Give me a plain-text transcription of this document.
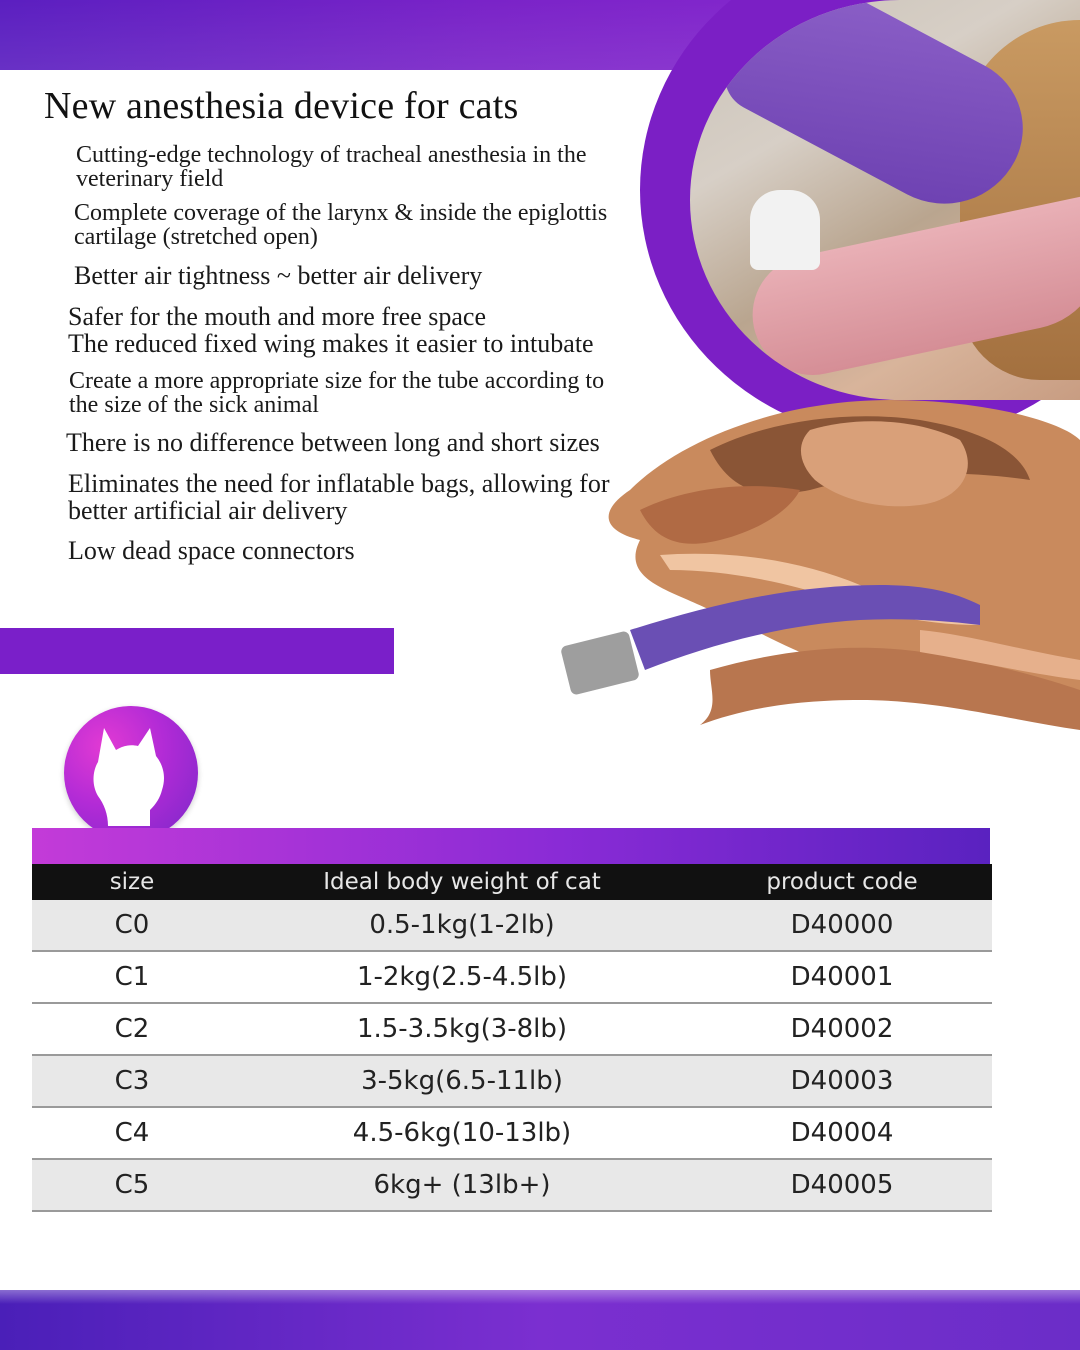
New anesthesia device for cats
Cutting-edge technology of tracheal anesthesia in the
veterinary field
Complete coverage of the larynx & inside the epiglottis
cartilage (stretched open)
Better air tightness ~ better air delivery
Safer for the mouth and more free space
The reduced fixed wing makes it easier to intubate
Create a more appropriate size for the tube according to
the size of the sick animal
There is no difference between long and short sizes
Eliminates the need for inflatable bags, allowing for
better artificial air delivery
Low dead space connectors
size	Ideal body weight of cat	product code
C0	0.5-1kg(1-2lb)	D40000
C1	1-2kg(2.5-4.5lb)	D40001
C2	1.5-3.5kg(3-8lb)	D40002
C3	3-5kg(6.5-11lb)	D40003
C4	4.5-6kg(10-13lb)	D40004
C5	6kg+ (13lb+)	D40005
